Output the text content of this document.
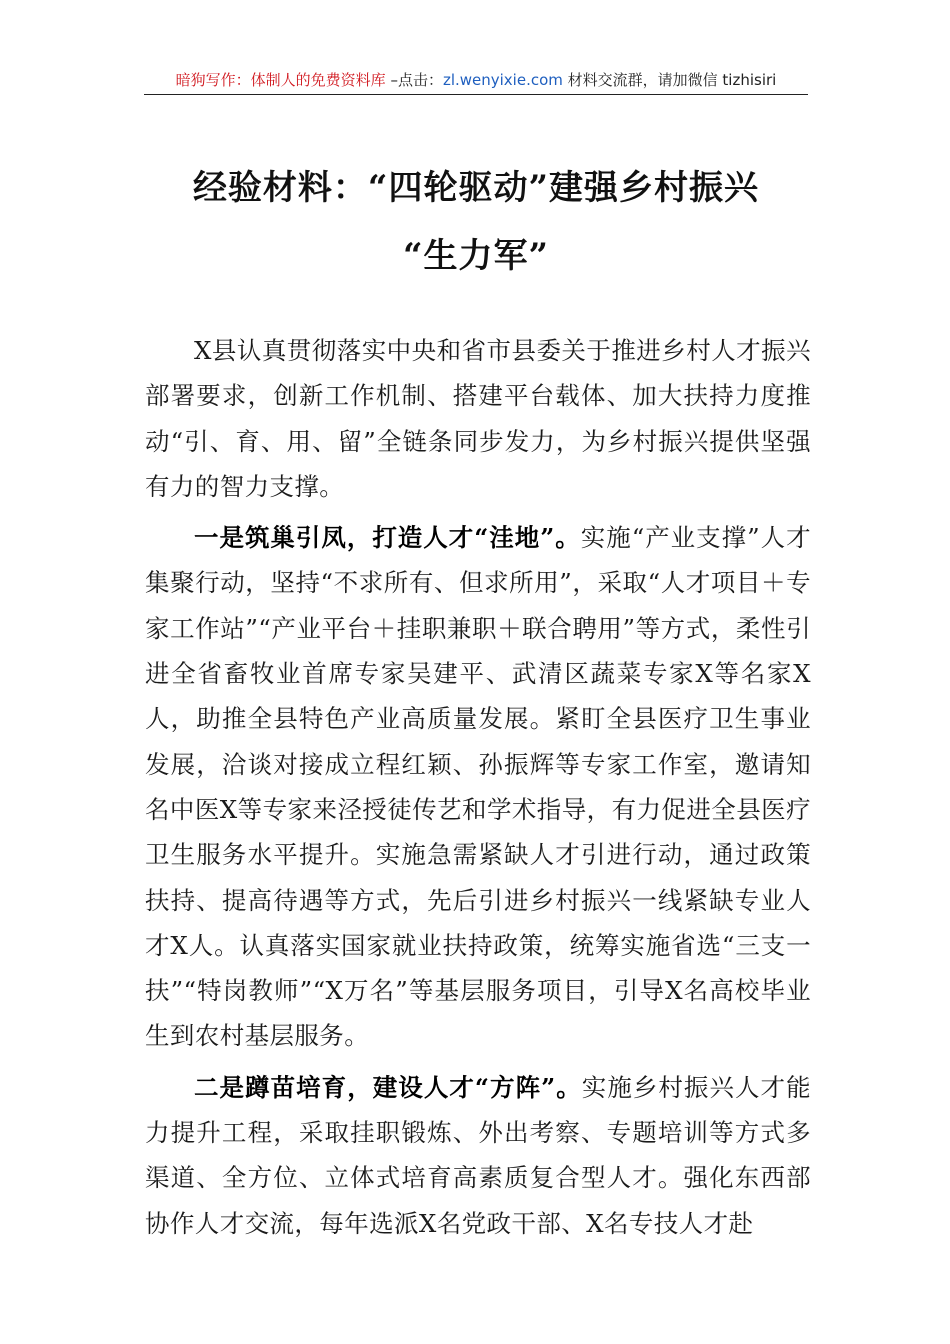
暗狗写作：体制人的免费资料库 –点击：zl.wenyixie.com 材料交流群，请加微信 tizhisiri
经验材料：“四轮驱动”建强乡村振兴
“生力军”

X县认真贯彻落实中央和省市县委关于推进乡村人才振兴部署要求，创新工作机制、搭建平台载体、加大扶持力度推动“引、育、用、留”全链条同步发力，为乡村振兴提供坚强有力的智力支撑。

一是筑巢引凤，打造人才“洼地”。实施“产业支撑”人才集聚行动，坚持“不求所有、但求所用”，采取“人才项目＋专家工作站”“产业平台＋挂职兼职＋联合聘用”等方式，柔性引进全省畜牧业首席专家吴建平、武清区蔬菜专家X等名家X人，助推全县特色产业高质量发展。紧盯全县医疗卫生事业发展，洽谈对接成立程红颖、孙振辉等专家工作室，邀请知名中医X等专家来泾授徒传艺和学术指导，有力促进全县医疗卫生服务水平提升。实施急需紧缺人才引进行动，通过政策扶持、提高待遇等方式，先后引进乡村振兴一线紧缺专业人才X人。认真落实国家就业扶持政策，统筹实施省选“三支一扶”“特岗教师”“X万名”等基层服务项目，引导X名高校毕业生到农村基层服务。

二是蹲苗培育，建设人才“方阵”。实施乡村振兴人才能力提升工程，采取挂职锻炼、外出考察、专题培训等方式多渠道、全方位、立体式培育高素质复合型人才。强化东西部协作人才交流，每年选派X名党政干部、X名专技人才赴
